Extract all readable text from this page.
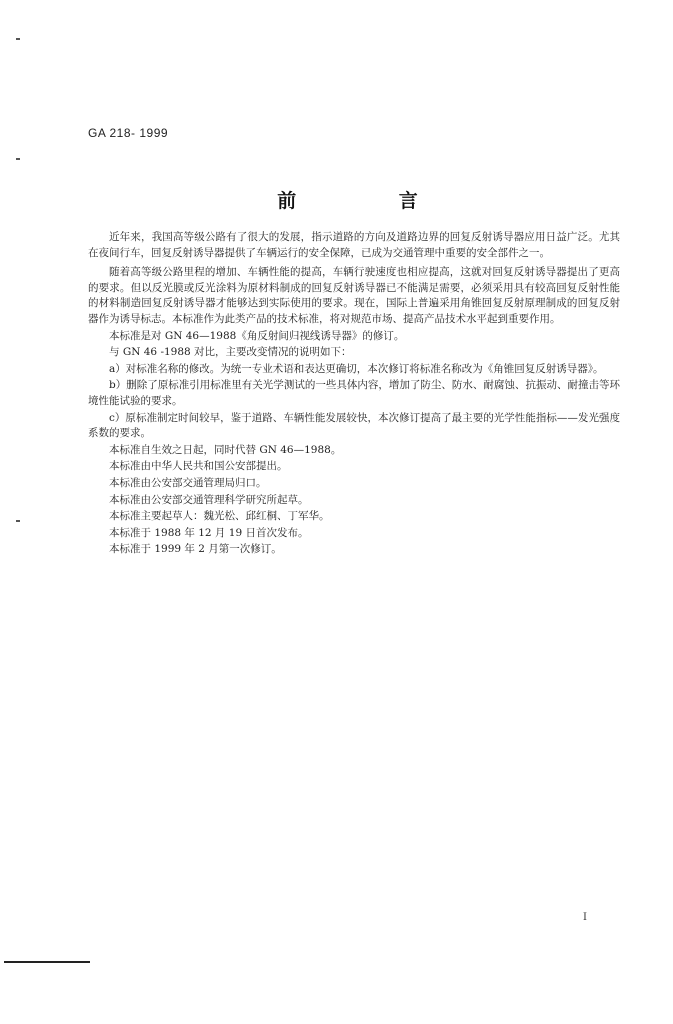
GA 218- 1999
前 言

近年来，我国高等级公路有了很大的发展，指示道路的方向及道路边界的回复反射诱导器应用日益广泛。尤其在夜间行车，回复反射诱导器提供了车辆运行的安全保障，已成为交通管理中重要的安全部件之一。

随着高等级公路里程的增加、车辆性能的提高，车辆行驶速度也相应提高，这就对回复反射诱导器提出了更高的要求。但以反光膜或反光涂料为原材料制成的回复反射诱导器已不能满足需要，必须采用具有较高回复反射性能的材料制造回复反射诱导器才能够达到实际使用的要求。现在，国际上普遍采用角锥回复反射原理制成的回复反射器作为诱导标志。本标准作为此类产品的技术标准，将对规范市场、提高产品技术水平起到重要作用。

本标准是对 GN 46—1988《角反射间归视线诱导器》的修订。

与 GN 46 -1988 对比，主要改变情况的说明如下：

a）对标准名称的修改。为统一专业术语和表达更确切，本次修订将标准名称改为《角锥回复反射诱导器》。

b）删除了原标准引用标准里有关光学测试的一些具体内容，增加了防尘、防水、耐腐蚀、抗振动、耐撞击等环境性能试验的要求。

c）原标准制定时间较早，鉴于道路、车辆性能发展较快，本次修订提高了最主要的光学性能指标——发光强度系数的要求。

本标准自生效之日起，同时代替 GN 46—1988。

本标准由中华人民共和国公安部提出。

本标准由公安部交通管理局归口。

本标准由公安部交通管理科学研究所起草。

本标准主要起草人：魏光松、邱红桐、丁军华。

本标准于 1988 年 12 月 19 日首次发布。

本标准于 1999 年 2 月第一次修订。

I
